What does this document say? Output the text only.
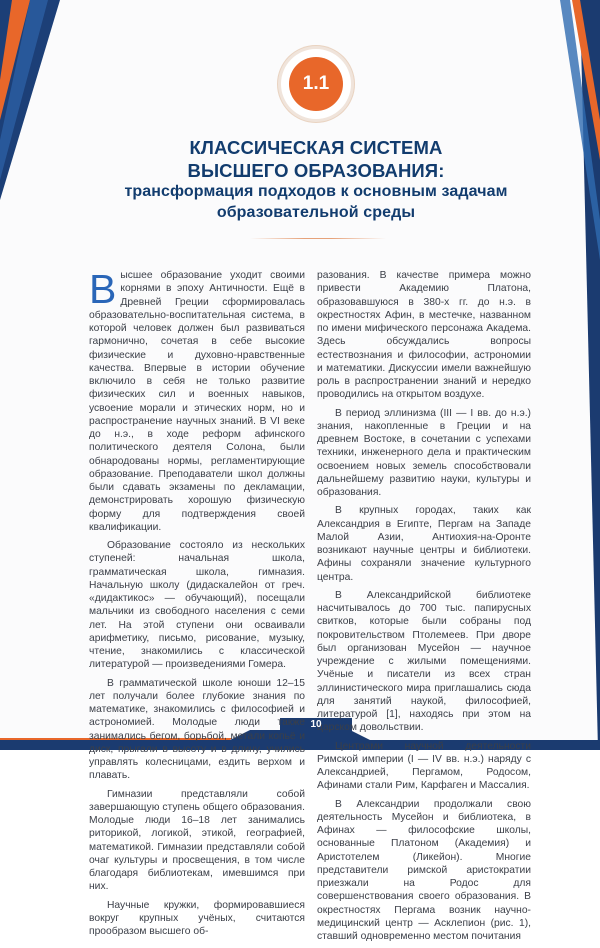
1.1
КЛАССИЧЕСКАЯ СИСТЕМА
ВЫСШЕГО ОБРАЗОВАНИЯ:
трансформация подходов к основным задачам
образовательной среды

Высшее образование уходит своими корнями в эпоху Античности. Ещё в Древней Греции сформировалась образовательно-воспитательная система, в которой человек должен был развиваться гармонично, сочетая в себе высокие физические и духовно-нравственные качества. Впервые в истории обучение включило в себя не только развитие физических сил и военных навыков, усвоение морали и этических норм, но и распространение научных знаний. В VI веке до н.э., в ходе реформ афинского политического деятеля Солона, были обнародованы нормы, регламентирующие образование. Преподаватели школ должны были сдавать экзамены по декламации, демонстрировать хорошую физическую форму для подтверждения своей квалификации.

Образование состояло из нескольких ступеней: начальная школа, грамматическая школа, гимназия. Начальную школу (дидаскалейон от греч. «дидактикос» — обучающий), посещали мальчики из свободного населения с семи лет. На этой ступени они осваивали арифметику, письмо, рисование, музыку, чтение, знакомились с классической литературой — произведениями Гомера.

В грамматической школе юноши 12–15 лет получали более глубокие знания по математике, знакомились с философией и астрономией. Молодые люди также занимались бегом, борьбой, метали копьё и диск, прыгали в высоту и в длину, учились управлять колесницами, ездить верхом и плавать.

Гимназии представляли собой завершающую ступень общего образования. Молодые люди 16–18 лет занимались риторикой, логикой, этикой, географией, математикой. Гимназии представляли собой очаг культуры и просвещения, в том числе благодаря библиотекам, имевшимся при них.

Научные кружки, формировавшиеся вокруг крупных учёных, считаются прообразом высшего об-

разования. В качестве примера можно привести Академию Платона, образовавшуюся в 380-х гг. до н.э. в окрестностях Афин, в местечке, названном по имени мифического персонажа Академа. Здесь обсуждались вопросы естествознания и философии, астрономии и математики. Дискуссии имели важнейшую роль в распространении знаний и нередко проводились на открытом воздухе.

В период эллинизма (III — I вв. до н.э.) знания, накопленные в Греции и на древнем Востоке, в сочетании с успехами техники, инженерного дела и практическим освоением новых земель способствовали дальнейшему развитию науки, культуры и образования.

В крупных городах, таких как Александрия в Египте, Пергам на Западе Малой Азии, Антиохия-на-Оронте возникают научные центры и библиотеки. Афины сохраняли значение культурного центра.

В Александрийской библиотеке насчитывалось до 700 тыс. папирусных свитков, которые были собраны под покровительством Птолемеев. При дворе был организован Мусейон — научное учреждение с жилыми помещениями. Учёные и писатели из всех стран эллинистического мира приглашались сюда для занятий наукой, философией, литературой [1], находясь при этом на царском довольствии.

Центрами научной деятельности Римской империи (I — IV вв. н.э.) наряду с Александрией, Пергамом, Родосом, Афинами стали Рим, Карфаген и Массалия.

В Александрии продолжали свою деятельность Мусейон и библиотека, в Афинах — философские школы, основанные Платоном (Академия) и Аристотелем (Ликейон). Многие представители римской аристократии приезжали на Родос для совершенствования своего образования. В окрестностях Пергама возник научно-медицинский центр — Асклепион (рис. 1), ставший одновременно местом почитания

10
